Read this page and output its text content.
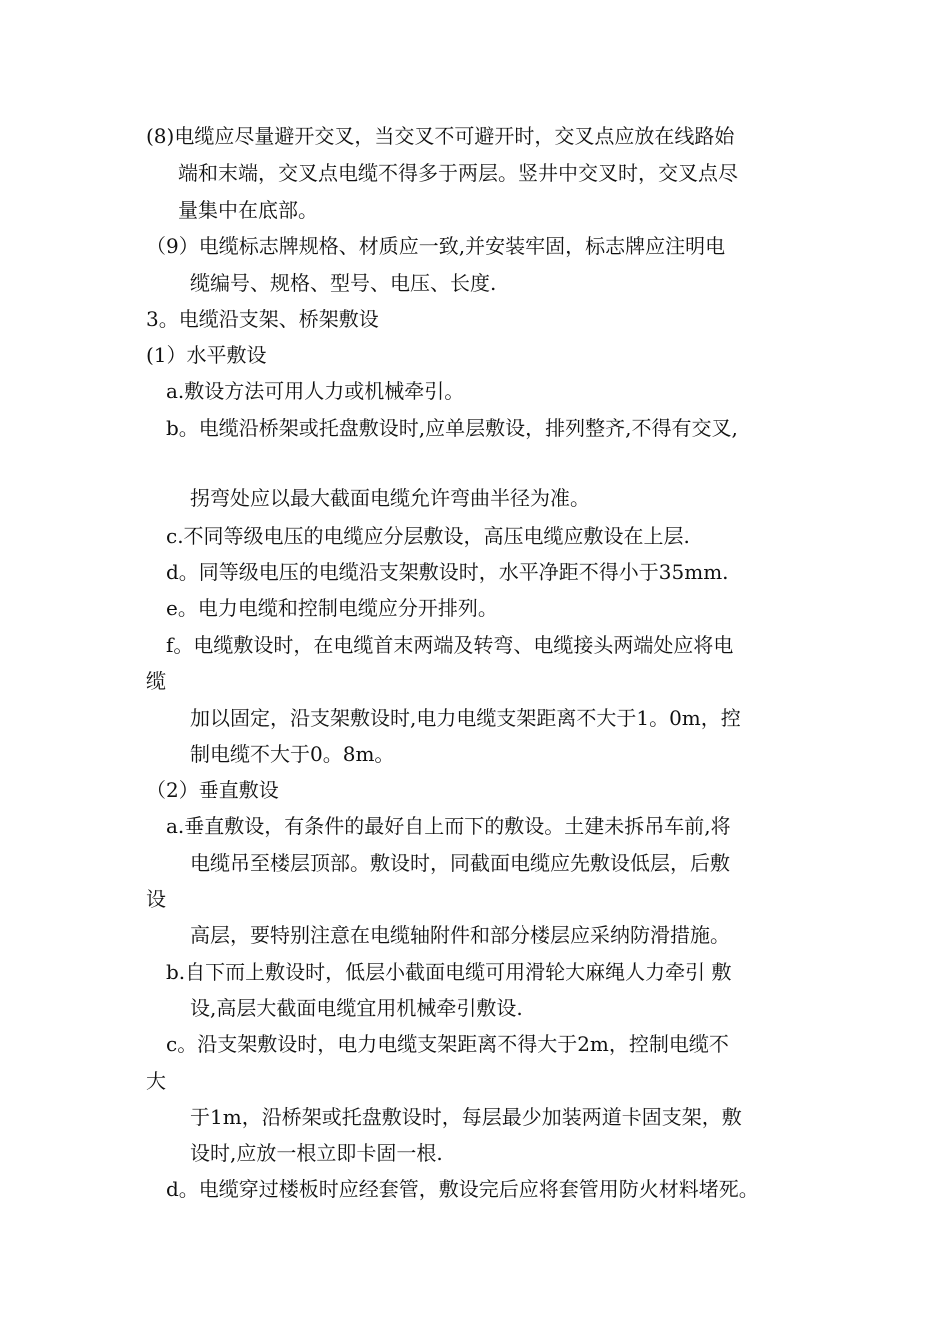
(8)电缆应尽量避开交叉，当交叉不可避开时，交叉点应放在线路始
端和末端，交叉点电缆不得多于两层。竖井中交叉时，交叉点尽
量集中在底部。
（9）电缆标志牌规格、材质应一致,并安装牢固，标志牌应注明电
缆编号、规格、型号、电压、长度.
3。电缆沿支架、桥架敷设
(1）水平敷设
a.敷设方法可用人力或机械牵引。
b。电缆沿桥架或托盘敷设时,应单层敷设，排列整齐,不得有交叉,
拐弯处应以最大截面电缆允许弯曲半径为准。
c.不同等级电压的电缆应分层敷设，高压电缆应敷设在上层.
d。同等级电压的电缆沿支架敷设时，水平净距不得小于35mm.
e。电力电缆和控制电缆应分开排列。
f。电缆敷设时，在电缆首末两端及转弯、电缆接头两端处应将电
缆
加以固定，沿支架敷设时,电力电缆支架距离不大于1。0m，控
制电缆不大于0。8m。
（2）垂直敷设
a.垂直敷设，有条件的最好自上而下的敷设。土建未拆吊车前,将
电缆吊至楼层顶部。敷设时，同截面电缆应先敷设低层，后敷
设
高层，要特别注意在电缆轴附件和部分楼层应采纳防滑措施。
b.自下而上敷设时，低层小截面电缆可用滑轮大麻绳人力牵引 敷
设,高层大截面电缆宜用机械牵引敷设.
c。沿支架敷设时，电力电缆支架距离不得大于2m，控制电缆不
大
于1m，沿桥架或托盘敷设时，每层最少加装两道卡固支架，敷
设时,应放一根立即卡固一根.
d。电缆穿过楼板时应经套管，敷设完后应将套管用防火材料堵死。
